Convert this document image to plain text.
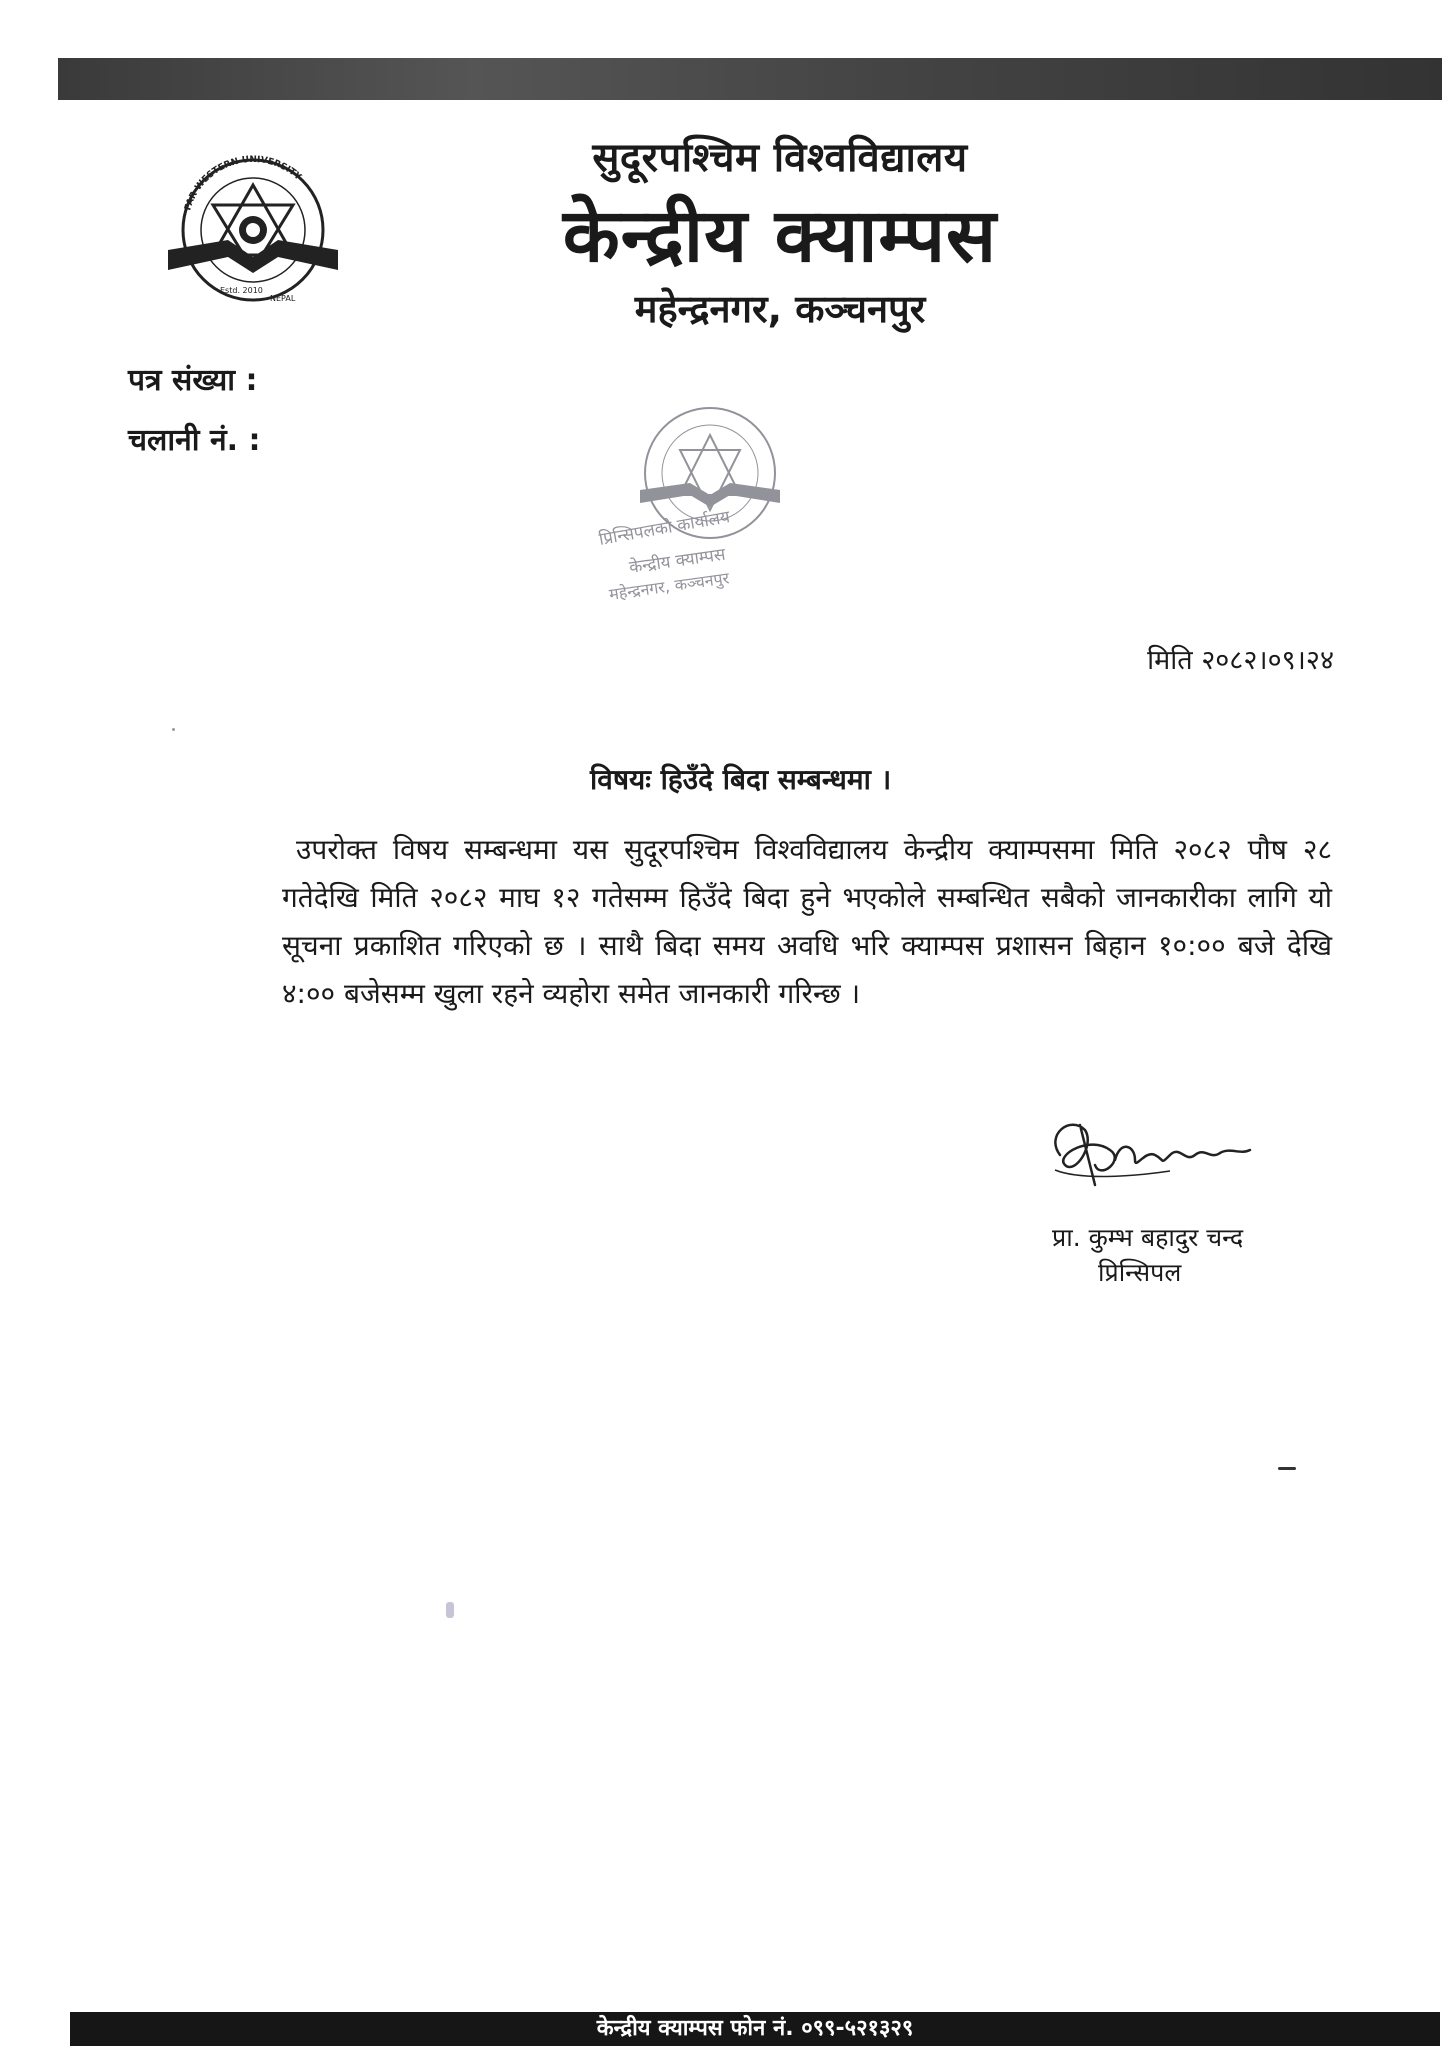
FAR WESTERN UNIVERSITY
Estd. 2010
NEPAL
सुदूरपश्चिम विश्वविद्यालय
केन्द्रीय क्याम्पस
महेन्द्रनगर, कञ्चनपुर
पत्र संख्या :
चलानी नं. :
प्रिन्सिपलको कार्यालय
केन्द्रीय क्याम्पस
महेन्द्रनगर, कञ्चनपुर
मिति २०८२।०९।२४
विषयः हिउँदे बिदा सम्बन्धमा ।
उपरोक्त विषय सम्बन्धमा यस सुदूरपश्चिम विश्वविद्यालय केन्द्रीय क्याम्पसमा मिति २०८२ पौष २८ गतेदेखि मिति २०८२ माघ १२ गतेसम्म हिउँदे बिदा हुने भएकोले सम्बन्धित सबैको जानकारीका लागि यो सूचना प्रकाशित गरिएको छ । साथै बिदा समय अवधि भरि क्याम्पस प्रशासन बिहान १०:०० बजे देखि ४:०० बजेसम्म खुला रहने व्यहोरा समेत जानकारी गरिन्छ ।
प्रा. कुम्भ बहादुर चन्द
प्रिन्सिपल
केन्द्रीय क्याम्पस फोन नं. ०९९-५२१३२९
